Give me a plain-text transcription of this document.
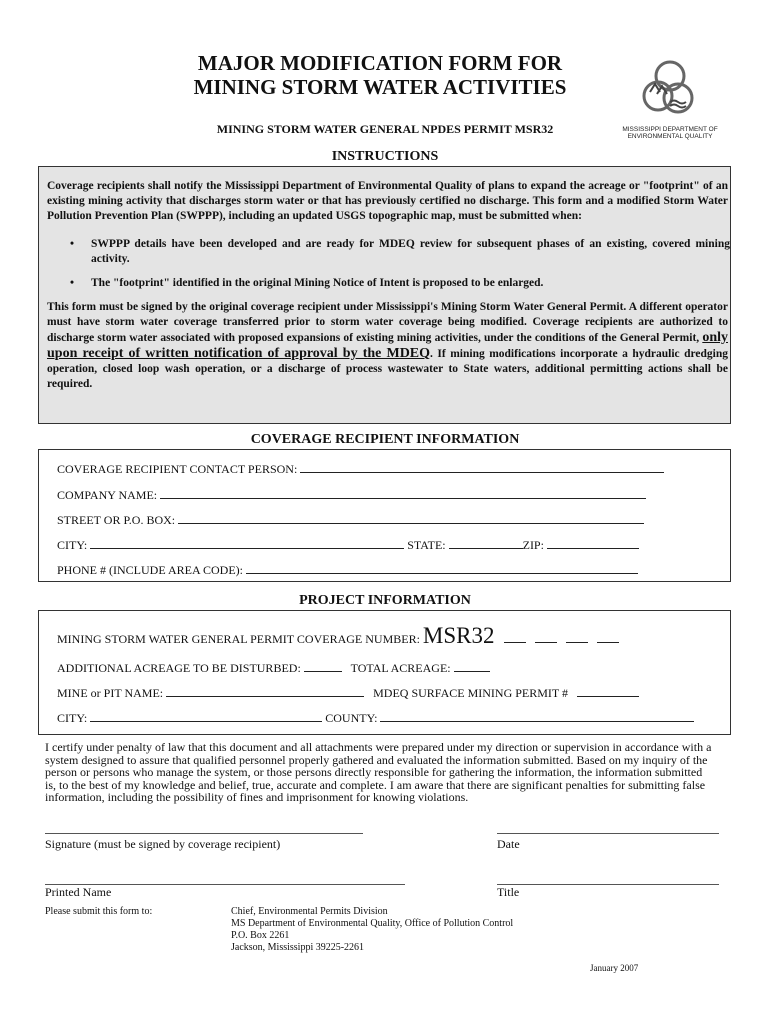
MAJOR MODIFICATION FORM FOR
MINING STORM WATER ACTIVITIES
MINING STORM WATER GENERAL NPDES PERMIT MSR32	MISSISSIPPI DEPARTMENT OF
ENVIRONMENTAL QUALITY
INSTRUCTIONS

Coverage recipients shall notify the Mississippi Department of Environmental Quality of plans to expand the acreage or "footprint" of an existing mining activity that discharges storm water or that has previously certified no discharge. This form and a modified Storm Water Pollution Prevention Plan (SWPPP), including an updated USGS topographic map, must be submitted when:

• SWPPP details have been developed and are ready for MDEQ review for subsequent phases of an existing, covered mining activity.
• The "footprint" identified in the original Mining Notice of Intent is proposed to be enlarged.

This form must be signed by the original coverage recipient under Mississippi's Mining Storm Water General Permit. A different operator must have storm water coverage transferred prior to storm water coverage being modified. Coverage recipients are authorized to discharge storm water associated with proposed expansions of existing mining activities, under the conditions of the General Permit, only upon receipt of written notification of approval by the MDEQ. If mining modifications incorporate a hydraulic dredging operation, closed loop wash operation, or a discharge of process wastewater to State waters, additional permitting actions shall be required.

COVERAGE RECIPIENT INFORMATION
COVERAGE RECIPIENT CONTACT PERSON:
COMPANY NAME:
STREET OR P.O. BOX:
CITY:	STATE:	ZIP:
PHONE # (INCLUDE AREA CODE):
PROJECT INFORMATION
MINING STORM WATER GENERAL PERMIT COVERAGE NUMBER: MSR32
ADDITIONAL ACREAGE TO BE DISTURBED:	TOTAL ACREAGE:
MINE or PIT NAME:	MDEQ SURFACE MINING PERMIT #
CITY:	COUNTY:
I certify under penalty of law that this document and all attachments were prepared under my direction or supervision in accordance with a system designed to assure that qualified personnel properly gathered and evaluated the information submitted. Based on my inquiry of the person or persons who manage the system, or those persons directly responsible for gathering the information, the information submitted is, to the best of my knowledge and belief, true, accurate and complete. I am aware that there are significant penalties for submitting false information, including the possibility of fines and imprisonment for knowing violations.
Signature (must be signed by coverage recipient)	Date
Printed Name	Title
Please submit this form to:	Chief, Environmental Permits Division
MS Department of Environmental Quality, Office of Pollution Control
P.O. Box 2261
Jackson, Mississippi 39225-2261
January 2007
